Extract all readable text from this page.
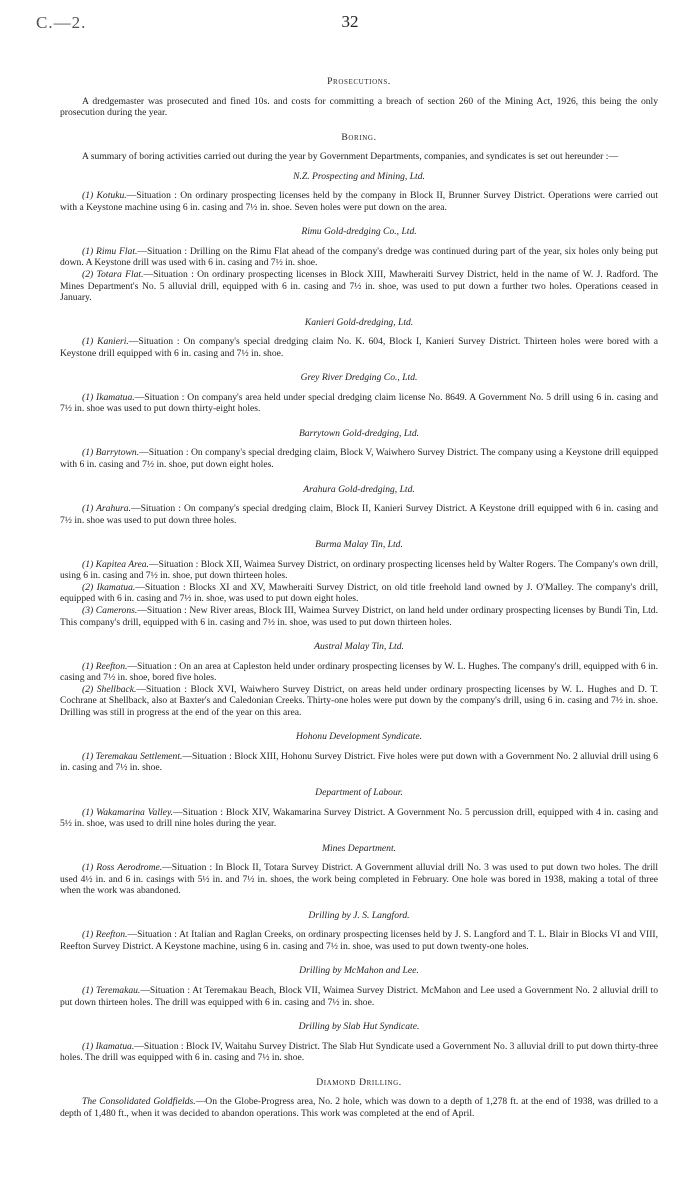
C.—2.	32
Prosecutions.

A dredgemaster was prosecuted and fined 10s. and costs for committing a breach of section 260 of the Mining Act, 1926, this being the only prosecution during the year.

Boring.

A summary of boring activities carried out during the year by Government Departments, companies, and syndicates is set out hereunder :—

N.Z. Prospecting and Mining, Ltd.

(1) Kotuku.—Situation : On ordinary prospecting licenses held by the company in Block II, Brunner Survey District. Operations were carried out with a Keystone machine using 6 in. casing and 7½ in. shoe. Seven holes were put down on the area.

Rimu Gold-dredging Co., Ltd.

(1) Rimu Flat.—Situation : Drilling on the Rimu Flat ahead of the company's dredge was continued during part of the year, six holes only being put down. A Keystone drill was used with 6 in. casing and 7½ in. shoe.

(2) Totara Flat.—Situation : On ordinary prospecting licenses in Block XIII, Mawheraiti Survey District, held in the name of W. J. Radford. The Mines Department's No. 5 alluvial drill, equipped with 6 in. casing and 7½ in. shoe, was used to put down a further two holes. Operations ceased in January.

Kanieri Gold-dredging, Ltd.

(1) Kanieri.—Situation : On company's special dredging claim No. K. 604, Block I, Kanieri Survey District. Thirteen holes were bored with a Keystone drill equipped with 6 in. casing and 7½ in. shoe.

Grey River Dredging Co., Ltd.

(1) Ikamatua.—Situation : On company's area held under special dredging claim license No. 8649. A Government No. 5 drill using 6 in. casing and 7½ in. shoe was used to put down thirty-eight holes.

Barrytown Gold-dredging, Ltd.

(1) Barrytown.—Situation : On company's special dredging claim, Block V, Waiwhero Survey District. The company using a Keystone drill equipped with 6 in. casing and 7½ in. shoe, put down eight holes.

Arahura Gold-dredging, Ltd.

(1) Arahura.—Situation : On company's special dredging claim, Block II, Kanieri Survey District. A Keystone drill equipped with 6 in. casing and 7½ in. shoe was used to put down three holes.

Burma Malay Tin, Ltd.

(1) Kapitea Area.—Situation : Block XII, Waimea Survey District, on ordinary prospecting licenses held by Walter Rogers. The Company's own drill, using 6 in. casing and 7½ in. shoe, put down thirteen holes.

(2) Ikamatua.—Situation : Blocks XI and XV, Mawheraiti Survey District, on old title freehold land owned by J. O'Malley. The company's drill, equipped with 6 in. casing and 7½ in. shoe, was used to put down eight holes.

(3) Camerons.—Situation : New River areas, Block III, Waimea Survey District, on land held under ordinary prospecting licenses by Bundi Tin, Ltd. This company's drill, equipped with 6 in. casing and 7½ in. shoe, was used to put down thirteen holes.

Austral Malay Tin, Ltd.

(1) Reefton.—Situation : On an area at Capleston held under ordinary prospecting licenses by W. L. Hughes. The company's drill, equipped with 6 in. casing and 7½ in. shoe, bored five holes.

(2) Shellback.—Situation : Block XVI, Waiwhero Survey District, on areas held under ordinary prospecting licenses by W. L. Hughes and D. T. Cochrane at Shellback, also at Baxter's and Caledonian Creeks. Thirty-one holes were put down by the company's drill, using 6 in. casing and 7½ in. shoe. Drilling was still in progress at the end of the year on this area.

Hohonu Development Syndicate.

(1) Teremakau Settlement.—Situation : Block XIII, Hohonu Survey District. Five holes were put down with a Government No. 2 alluvial drill using 6 in. casing and 7½ in. shoe.

Department of Labour.

(1) Wakamarina Valley.—Situation : Block XIV, Wakamarina Survey District. A Government No. 5 percussion drill, equipped with 4 in. casing and 5½ in. shoe, was used to drill nine holes during the year.

Mines Department.

(1) Ross Aerodrome.—Situation : In Block II, Totara Survey District. A Government alluvial drill No. 3 was used to put down two holes. The drill used 4½ in. and 6 in. casings with 5½ in. and 7½ in. shoes, the work being completed in February. One hole was bored in 1938, making a total of three when the work was abandoned.

Drilling by J. S. Langford.

(1) Reefton.—Situation : At Italian and Raglan Creeks, on ordinary prospecting licenses held by J. S. Langford and T. L. Blair in Blocks VI and VIII, Reefton Survey District. A Keystone machine, using 6 in. casing and 7½ in. shoe, was used to put down twenty-one holes.

Drilling by McMahon and Lee.

(1) Teremakau.—Situation : At Teremakau Beach, Block VII, Waimea Survey District. McMahon and Lee used a Government No. 2 alluvial drill to put down thirteen holes. The drill was equipped with 6 in. casing and 7½ in. shoe.

Drilling by Slab Hut Syndicate.

(1) Ikamatua.—Situation : Block IV, Waitahu Survey District. The Slab Hut Syndicate used a Government No. 3 alluvial drill to put down thirty-three holes. The drill was equipped with 6 in. casing and 7½ in. shoe.

Diamond Drilling.

The Consolidated Goldfields.—On the Globe-Progress area, No. 2 hole, which was down to a depth of 1,278 ft. at the end of 1938, was drilled to a depth of 1,480 ft., when it was decided to abandon operations. This work was completed at the end of April.
